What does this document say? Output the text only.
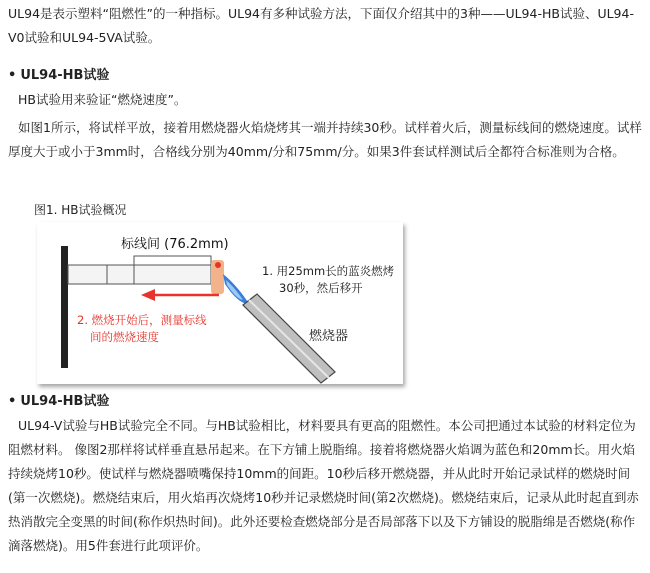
UL94是表示塑料“阻燃性”的一种指标。UL94有多种试验方法，下面仅介绍其中的3种——UL94-HB试验、UL94-V0试验和UL94-5VA试验。

• UL94-HB试验

HB试验用来验证“燃烧速度”。

如图1所示，将试样平放，接着用燃烧器火焰烧烤其一端并持续30秒。试样着火后，测量标线间的燃烧速度。试样厚度大于或小于3mm时，合格线分别为40mm/分和75mm/分。如果3件套试样测试后全都符合标准则为合格。

图1. HB试验概况
标线间 (76.2mm)
1. 用25mm长的蓝炎燃烤
30秒，然后移开
2. 燃烧开始后，测量标线
间的燃烧速度	燃烧器
• UL94-HB试验

UL94-V试验与HB试验完全不同。与HB试验相比，材料要具有更高的阻燃性。本公司把通过本试验的材料定位为阻燃材料。 像图2那样将试样垂直悬吊起来。在下方铺上脱脂绵。接着将燃烧器火焰调为蓝色和20mm长。用火焰持续烧烤10秒。使试样与燃烧器喷嘴保持10mm的间距。10秒后移开燃烧器，并从此时开始记录试样的燃烧时间(第一次燃烧)。燃烧结束后，用火焰再次烧烤10秒并记录燃烧时间(第2次燃烧)。燃烧结束后，记录从此时起直到赤热消散完全变黑的时间(称作炽热时间)。此外还要检查燃烧部分是否局部落下以及下方铺设的脱脂绵是否燃烧(称作滴落燃烧)。用5件套进行此项评价。
